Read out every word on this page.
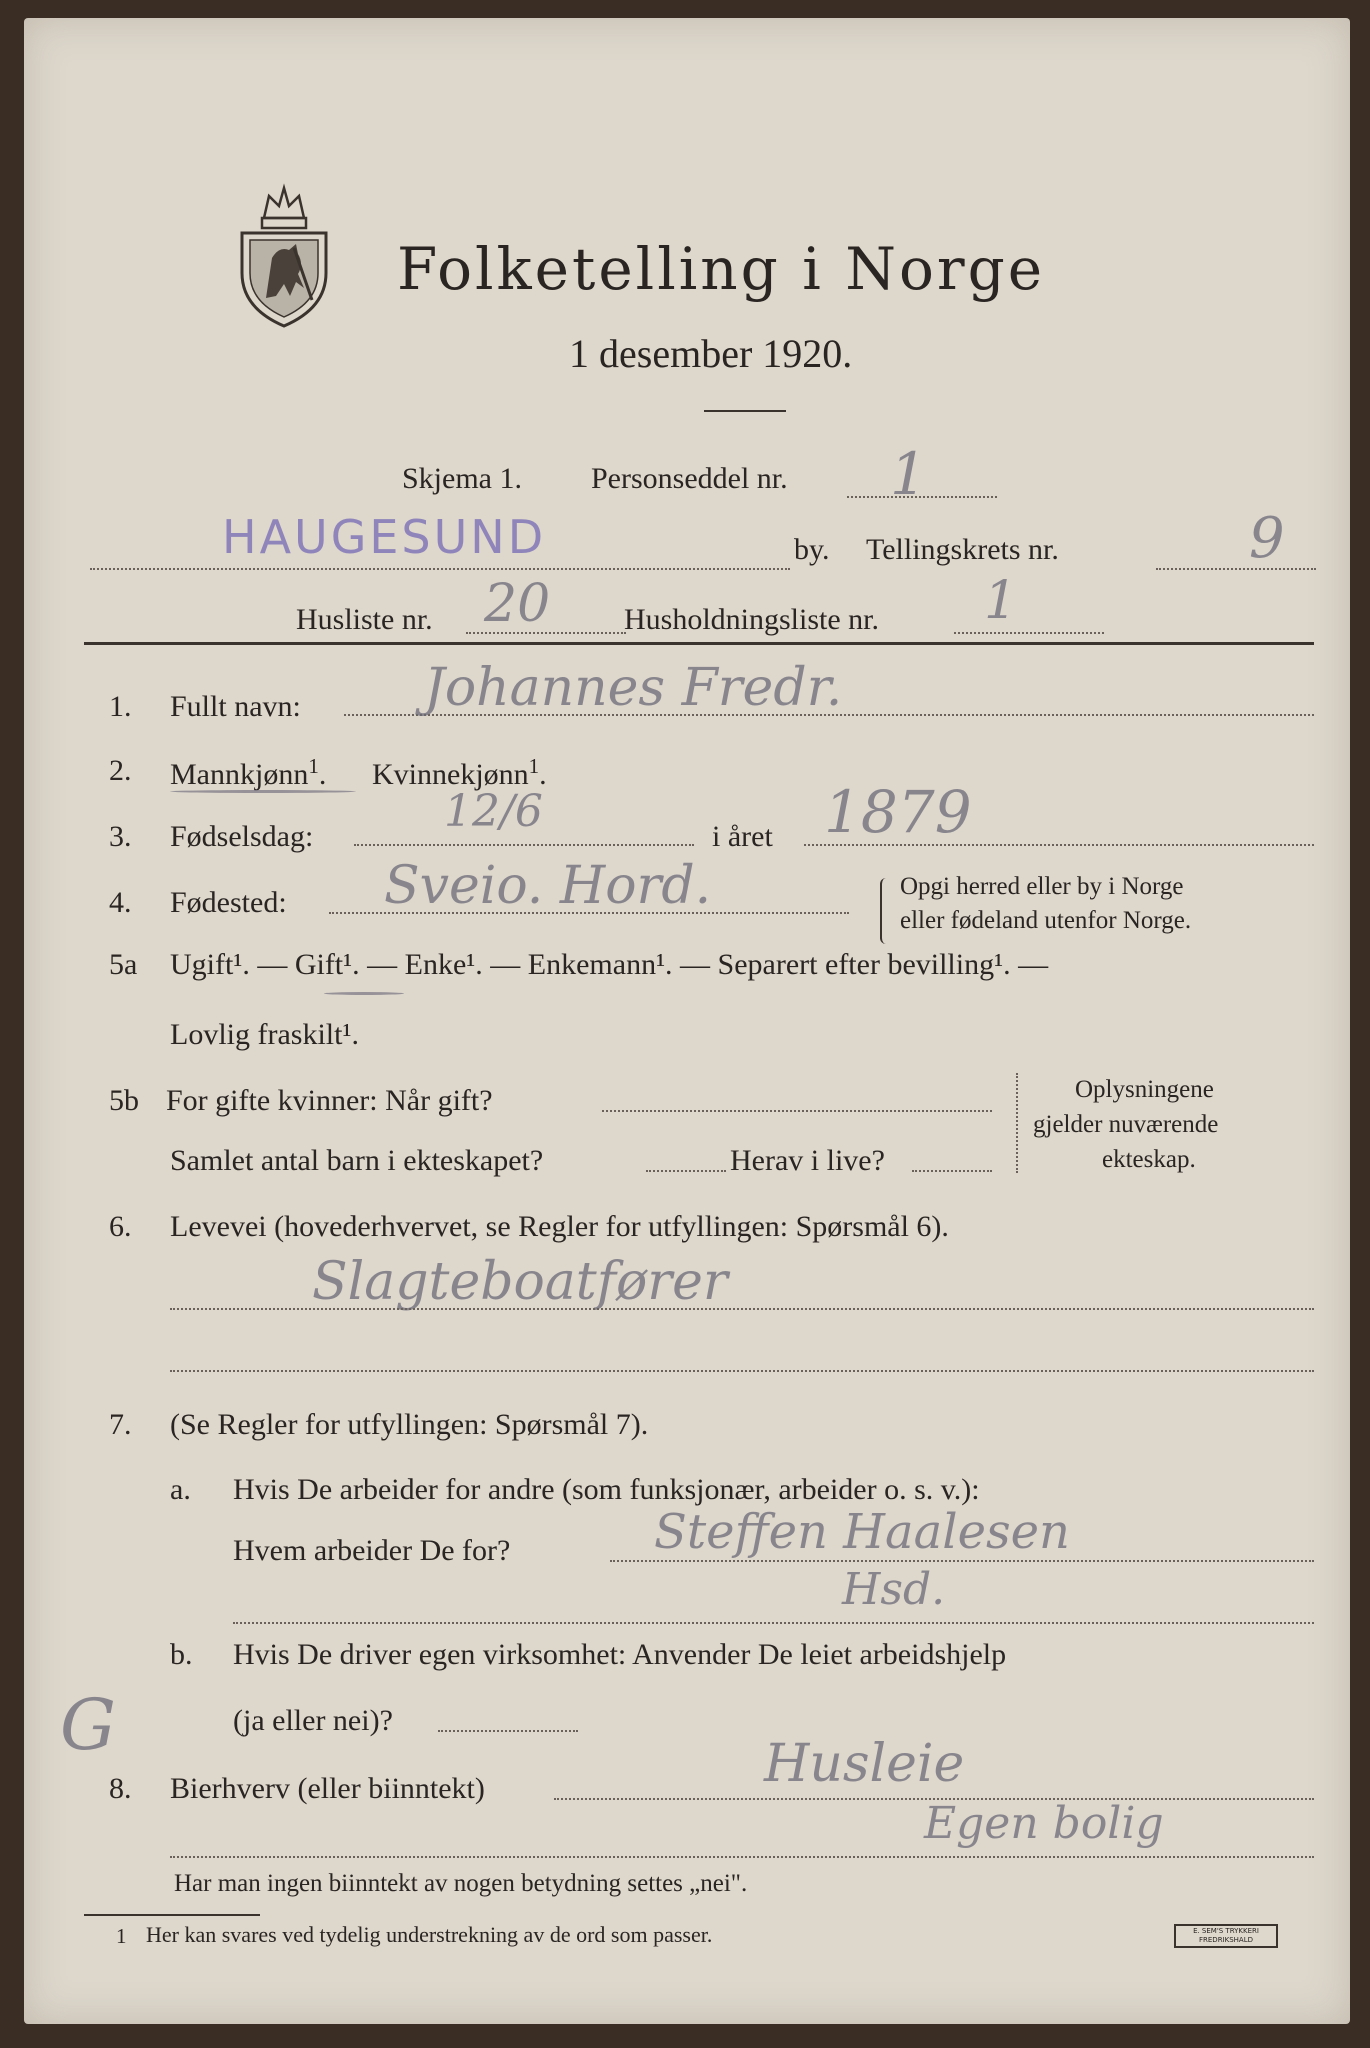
Folketelling i Norge
1 desember 1920.
Skjema 1. Personseddel nr. 1
HAUGESUND	by. Tellingskrets nr.	9
Husliste nr. 20 Husholdningsliste nr. 1
1. Fullt navn: Johannes Fredr.
2. Mannkjønn$^1$. Kvinnekjønn$^1$.
3. Fødselsdag:	12/6	i året 1879
4. Fødested: Sveio. Hord.	Opgi herred eller by i Norge
eller fødeland utenfor Norge.
5a Ugift¹. — Gift¹. — Enke¹. — Enkemann¹. — Separert efter bevilling¹. —
Lovlig fraskilt¹.
5b For gifte kvinner: Når gift?
Samlet antal barn i ekteskapet?	Herav i live?
Oplysningene
gjelder nuværende
ekteskap.
6. Levevei (hovederhvervet, se Regler for utfyllingen: Spørsmål 6).
Slagteboatfører
7. (Se Regler for utfyllingen: Spørsmål 7).
a. Hvis De arbeider for andre (som funksjonær, arbeider o. s. v.):
Hvem arbeider De for?	Steffen Haalesen
Hsd.
b. Hvis De driver egen virksomhet: Anvender De leiet arbeidshjelp
(ja eller nei)?
G
8. Bierhverv (eller biinntekt)	Husleie
Egen bolig
Har man ingen biinntekt av nogen betydning settes „nei".
1 Her kan svares ved tydelig understrekning av de ord som passer.	E. SEM'S TRYKKERI
FREDRIKSHALD
